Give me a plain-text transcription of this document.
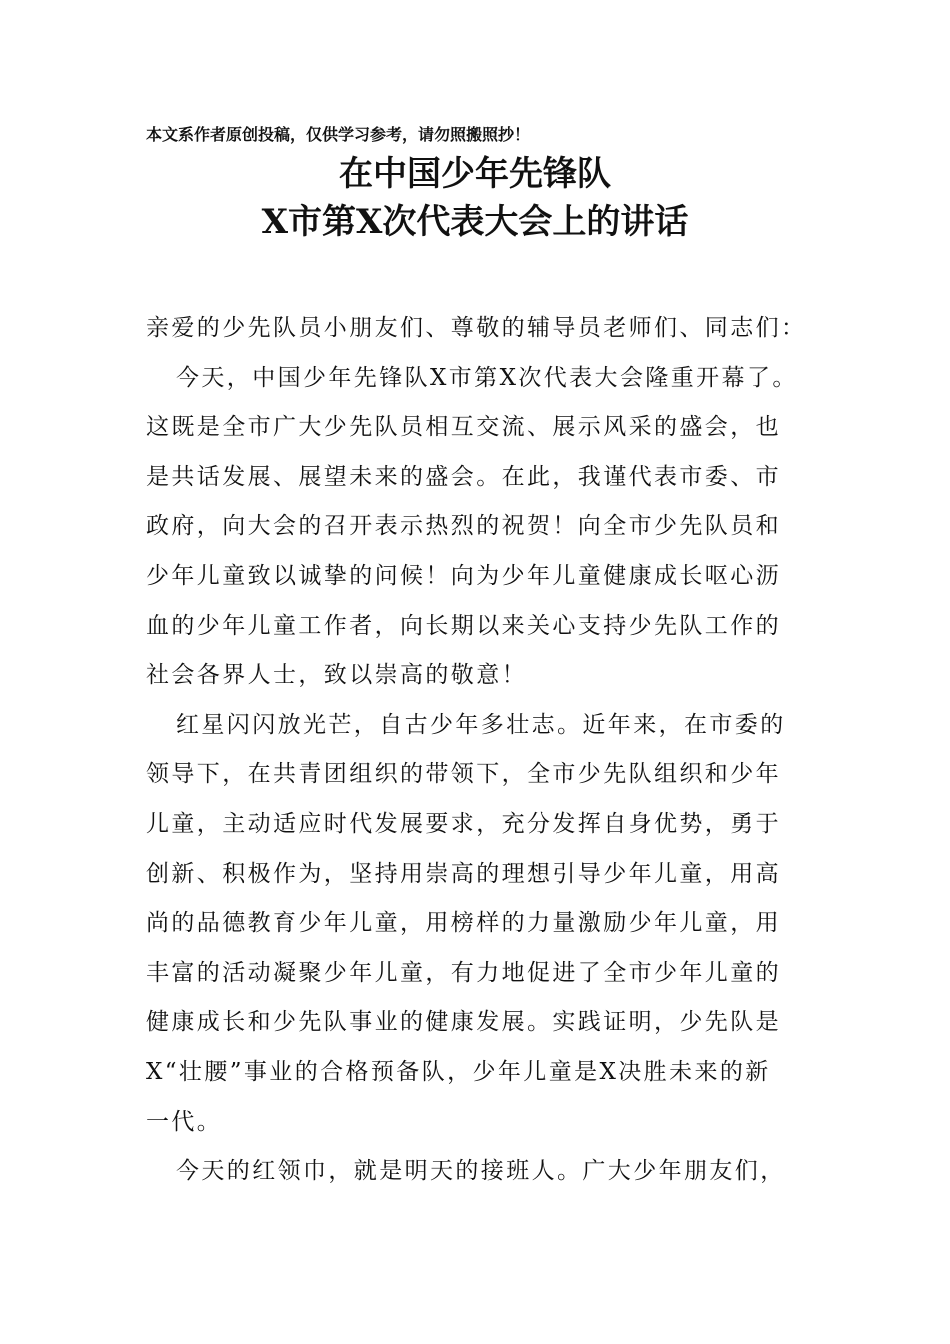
本文系作者原创投稿，仅供学习参考，请勿照搬照抄！
在中国少年先锋队
X市第X次代表大会上的讲话
亲爱的少先队员小朋友们、尊敬的辅导员老师们、同志们：
今天，中国少年先锋队X市第X次代表大会隆重开幕了。
这既是全市广大少先队员相互交流、展示风采的盛会，也
是共话发展、展望未来的盛会。在此，我谨代表市委、市
政府，向大会的召开表示热烈的祝贺！向全市少先队员和
少年儿童致以诚挚的问候！向为少年儿童健康成长呕心沥
血的少年儿童工作者，向长期以来关心支持少先队工作的
社会各界人士，致以崇高的敬意！
红星闪闪放光芒，自古少年多壮志。近年来，在市委的
领导下，在共青团组织的带领下，全市少先队组织和少年
儿童，主动适应时代发展要求，充分发挥自身优势，勇于
创新、积极作为，坚持用崇高的理想引导少年儿童，用高
尚的品德教育少年儿童，用榜样的力量激励少年儿童，用
丰富的活动凝聚少年儿童，有力地促进了全市少年儿童的
健康成长和少先队事业的健康发展。实践证明，少先队是
X“壮腰”事业的合格预备队，少年儿童是X决胜未来的新
一代。
今天的红领巾，就是明天的接班人。广大少年朋友们，
